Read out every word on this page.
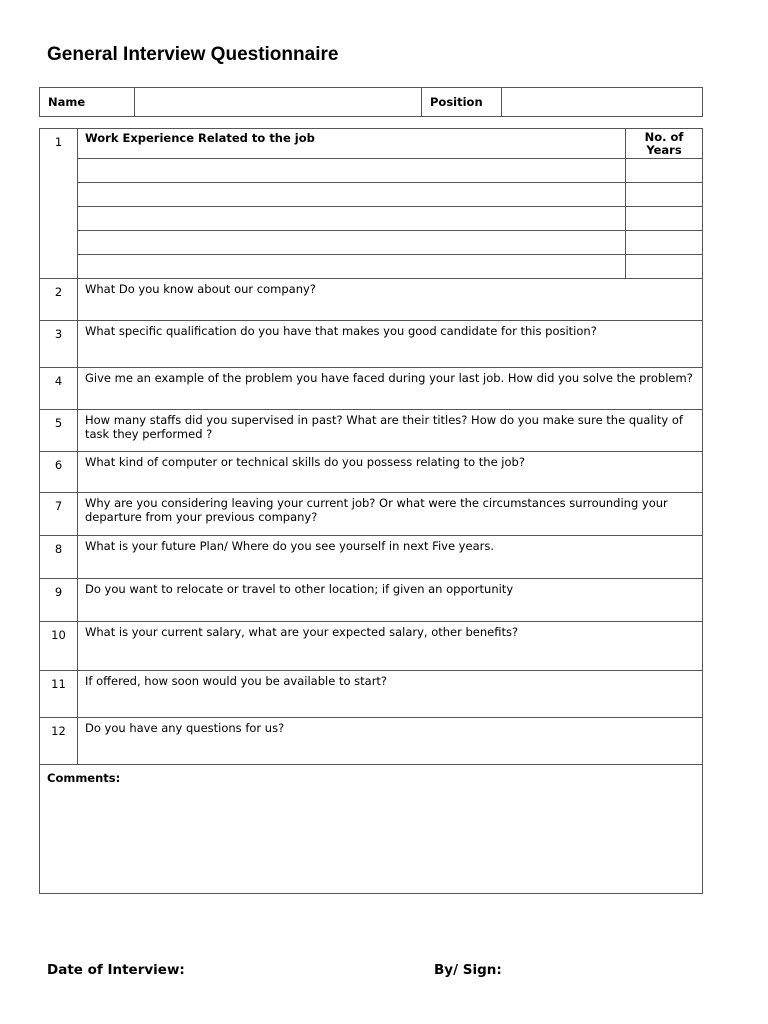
General Interview Questionnaire
Name		Position	
1	Work Experience Related to the job	No. of
Years

2	What Do you know about our company?	
3	What specific qualification do you have that makes you good candidate for this position?	
4	Give me an example of the problem you have faced during your last job. How did you solve the problem?	
5	How many staffs did you supervised in past? What are their titles? How do you make sure the quality of task they performed ?	
6	What kind of computer or technical skills do you possess relating to the job?	
7	Why are you considering leaving your current job? Or what were the circumstances surrounding your departure from your previous company?	
8	What is your future Plan/ Where do you see yourself in next Five years.	
9	Do you want to relocate or travel to other location; if given an opportunity	
10	What is your current salary, what are your expected salary, other benefits?	
11	If offered, how soon would you be available to start?	
12	Do you have any questions for us?	
Comments:		
Date of Interview:	By/ Sign:
